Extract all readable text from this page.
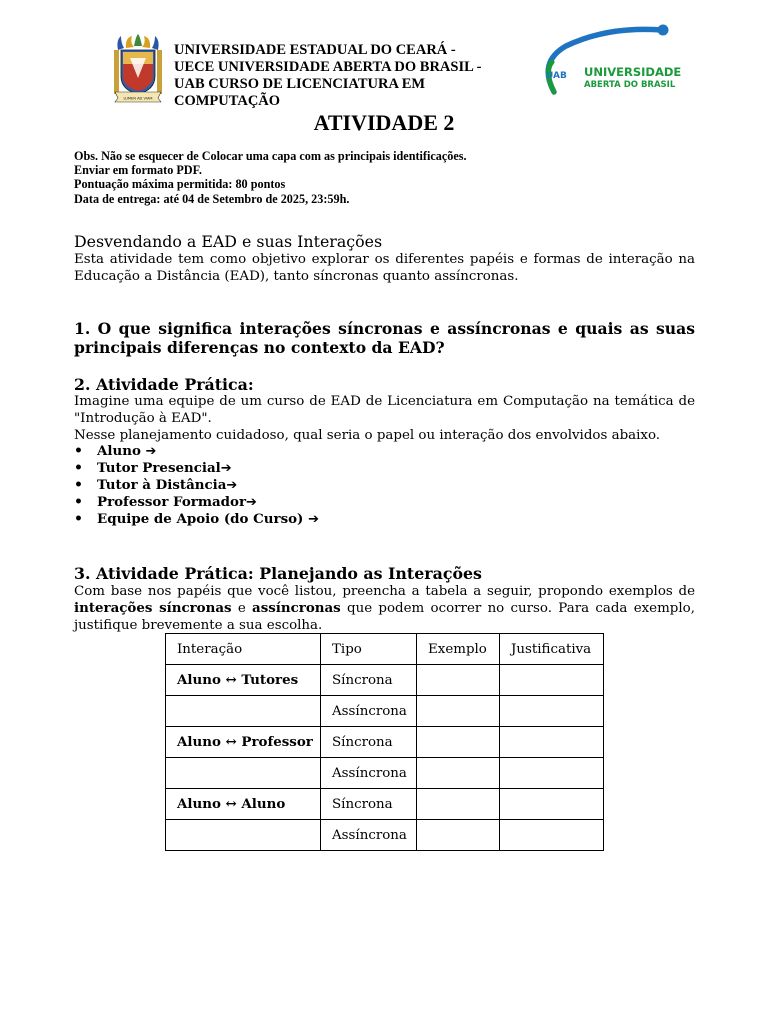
LUMEN AD VIAM
UNIVERSIDADE ESTADUAL DO CEARÁ -
UECE UNIVERSIDADE ABERTA DO BRASIL -
UAB CURSO DE LICENCIATURA EM
COMPUTAÇÃO
UAB UNIVERSIDADE
ABERTA DO BRASIL
ATIVIDADE 2
Obs. Não se esquecer de Colocar uma capa com as principais identificações.
Enviar em formato PDF.
Pontuação máxima permitida: 80 pontos
Data de entrega: até 04 de Setembro de 2025, 23:59h.
Desvendando a EAD e suas Interações
Esta atividade tem como objetivo explorar os diferentes papéis e formas de interação na Educação a Distância (EAD), tanto síncronas quanto assíncronas.
1. O que significa interações síncronas e assíncronas e quais as suas principais diferenças no contexto da EAD?
2. Atividade Prática:
Imagine uma equipe de um curso de EAD de Licenciatura em Computação na temática de "Introdução à EAD".
Nesse planejamento cuidadoso, qual seria o papel ou interação dos envolvidos abaixo.
• Aluno ➔
• Tutor Presencial➔
• Tutor à Distância➔
• Professor Formador➔
• Equipe de Apoio (do Curso) ➔
3. Atividade Prática: Planejando as Interações
Com base nos papéis que você listou, preencha a tabela a seguir, propondo exemplos de interações síncronas e assíncronas que podem ocorrer no curso. Para cada exemplo, justifique brevemente a sua escolha.
Interação	Tipo	Exemplo	Justificativa
Aluno ↔ Tutores	Síncrona		
	Assíncrona		
Aluno ↔ Professor	Síncrona		
	Assíncrona		
Aluno ↔ Aluno	Síncrona		
	Assíncrona		
